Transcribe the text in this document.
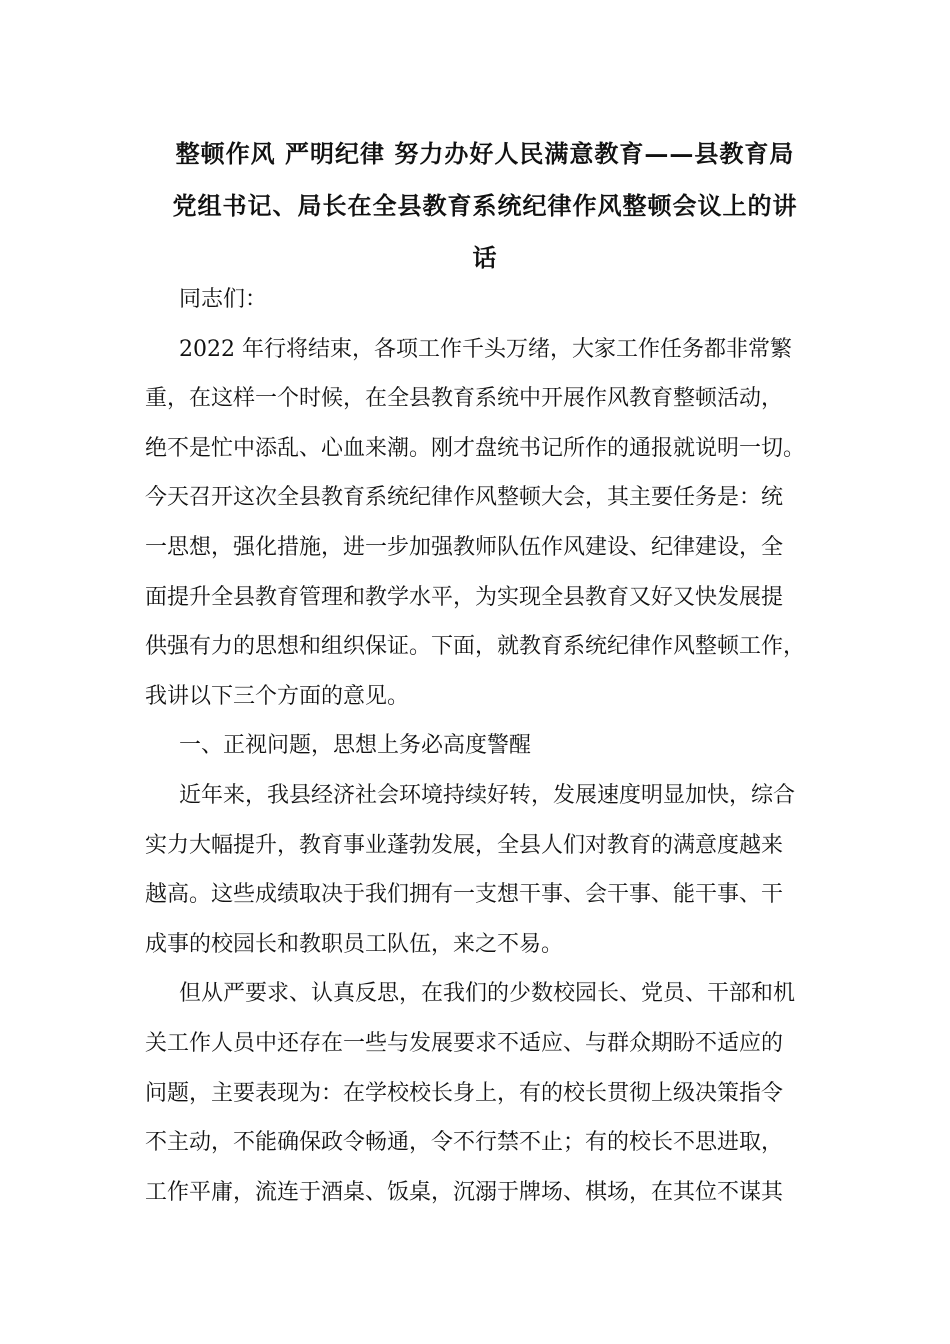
整顿作风 严明纪律 努力办好人民满意教育——县教育局
党组书记、局长在全县教育系统纪律作风整顿会议上的讲
话
同志们：
2022 年行将结束，各项工作千头万绪，大家工作任务都非常繁
重，在这样一个时候，在全县教育系统中开展作风教育整顿活动，
绝不是忙中添乱、心血来潮。刚才盘统书记所作的通报就说明一切。
今天召开这次全县教育系统纪律作风整顿大会，其主要任务是：统
一思想，强化措施，进一步加强教师队伍作风建设、纪律建设，全
面提升全县教育管理和教学水平，为实现全县教育又好又快发展提
供强有力的思想和组织保证。下面，就教育系统纪律作风整顿工作，
我讲以下三个方面的意见。
一、正视问题，思想上务必高度警醒
近年来，我县经济社会环境持续好转，发展速度明显加快，综合
实力大幅提升，教育事业蓬勃发展，全县人们对教育的满意度越来
越高。这些成绩取决于我们拥有一支想干事、会干事、能干事、干
成事的校园长和教职员工队伍，来之不易。
但从严要求、认真反思，在我们的少数校园长、党员、干部和机
关工作人员中还存在一些与发展要求不适应、与群众期盼不适应的
问题，主要表现为：在学校校长身上，有的校长贯彻上级决策指令
不主动，不能确保政令畅通，令不行禁不止；有的校长不思进取，
工作平庸，流连于酒桌、饭桌，沉溺于牌场、棋场，在其位不谋其
